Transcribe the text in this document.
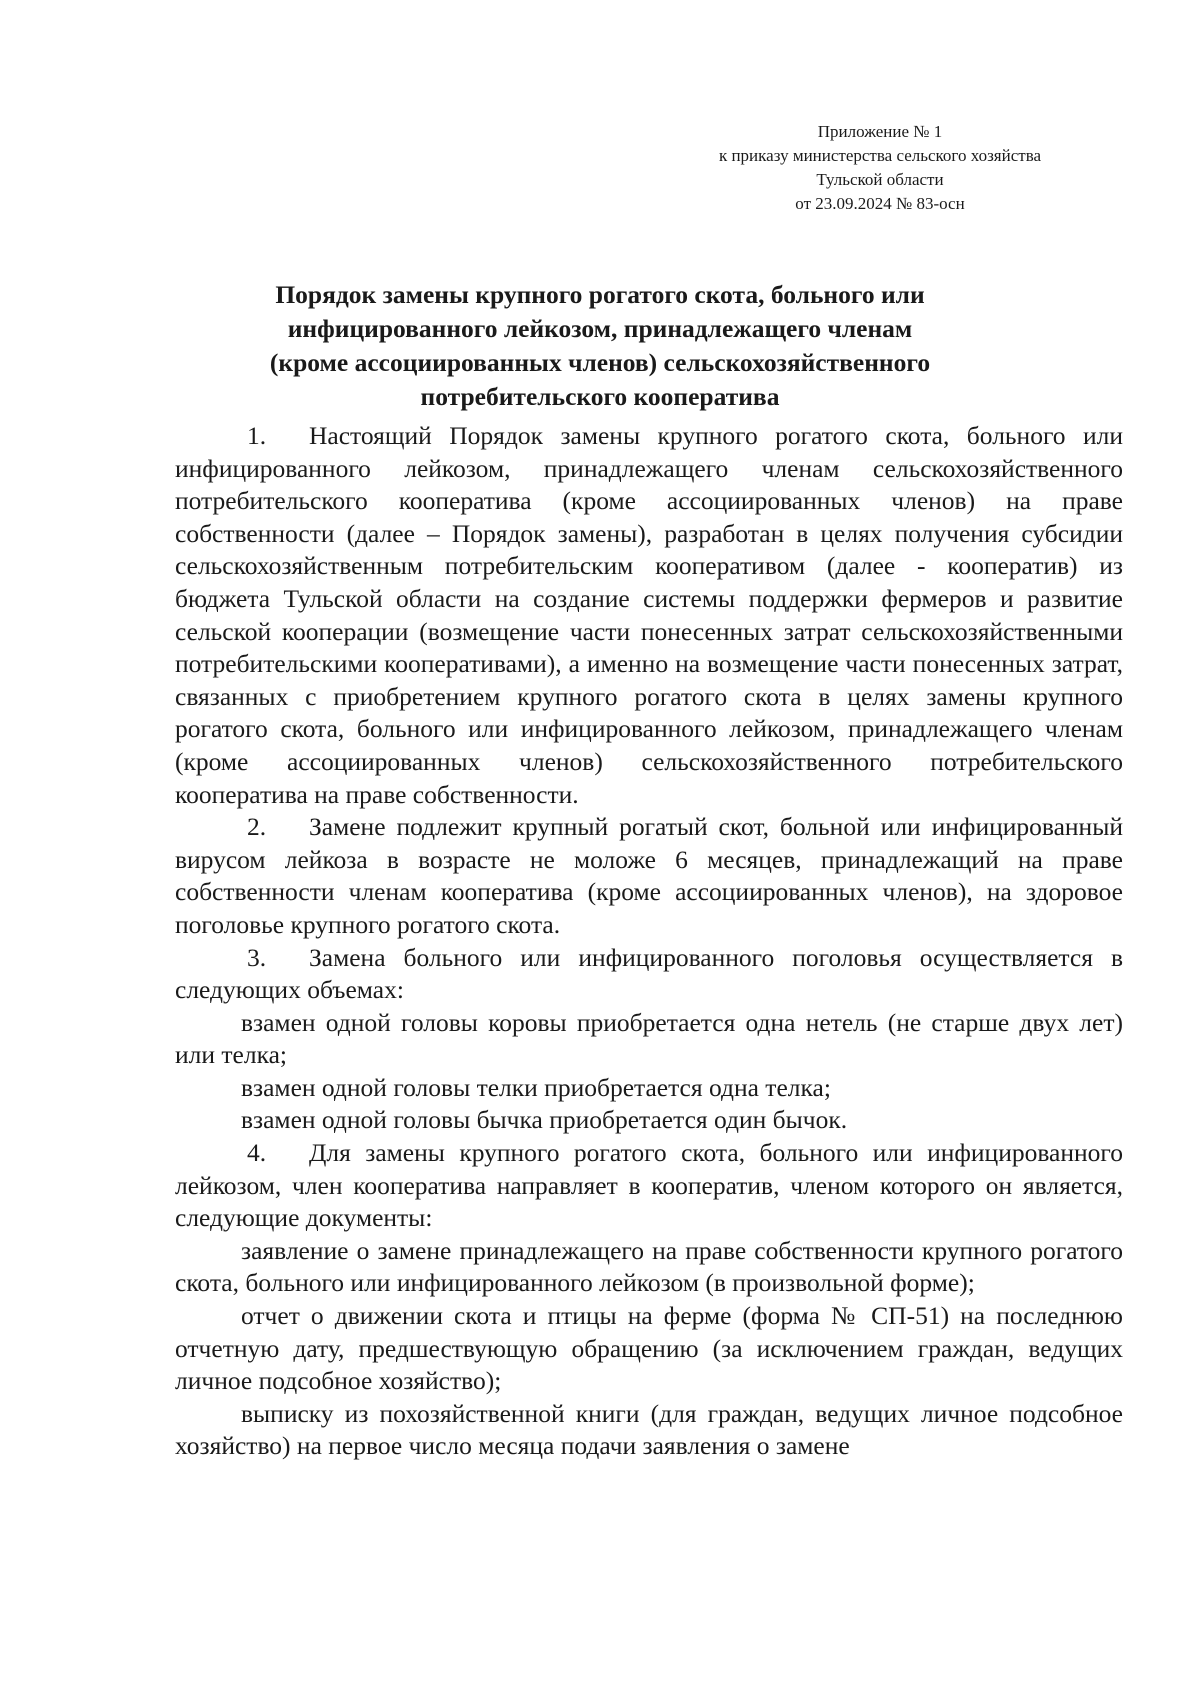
Приложение № 1
к приказу министерства сельского хозяйства
Тульской области
от 23.09.2024 № 83-осн
Порядок замены крупного рогатого скота, больного или
инфицированного лейкозом, принадлежащего членам
(кроме ассоциированных членов) сельскохозяйственного
потребительского кооператива

1. Настоящий Порядок замены крупного рогатого скота, больного или инфицированного лейкозом, принадлежащего членам сельскохозяйственного потребительского кооператива (кроме ассоциированных членов) на праве собственности (далее – Порядок замены), разработан в целях получения субсидии сельскохозяйственным потребительским кооперативом (далее - кооператив) из бюджета Тульской области на создание системы поддержки фермеров и развитие сельской кооперации (возмещение части понесенных затрат сельскохозяйственными потребительскими кооперативами), а именно на возмещение части понесенных затрат, связанных с приобретением крупного рогатого скота в целях замены крупного рогатого скота, больного или инфицированного лейкозом, принадлежащего членам (кроме ассоциированных членов) сельскохозяйственного потребительского кооператива на праве собственности.

2. Замене подлежит крупный рогатый скот, больной или инфицированный вирусом лейкоза в возрасте не моложе 6 месяцев, принадлежащий на праве собственности членам кооператива (кроме ассоциированных членов), на здоровое поголовье крупного рогатого скота.

3. Замена больного или инфицированного поголовья осуществляется в следующих объемах:

взамен одной головы коровы приобретается одна нетель (не старше двух лет) или телка;

взамен одной головы телки приобретается одна телка;

взамен одной головы бычка приобретается один бычок.

4. Для замены крупного рогатого скота, больного или инфицированного лейкозом, член кооператива направляет в кооператив, членом которого он является, следующие документы:

заявление о замене принадлежащего на праве собственности крупного рогатого скота, больного или инфицированного лейкозом (в произвольной форме);

отчет о движении скота и птицы на ферме (форма № СП-51) на последнюю отчетную дату, предшествующую обращению (за исключением граждан, ведущих личное подсобное хозяйство);

выписку из похозяйственной книги (для граждан, ведущих личное подсобное хозяйство) на первое число месяца подачи заявления о замене
